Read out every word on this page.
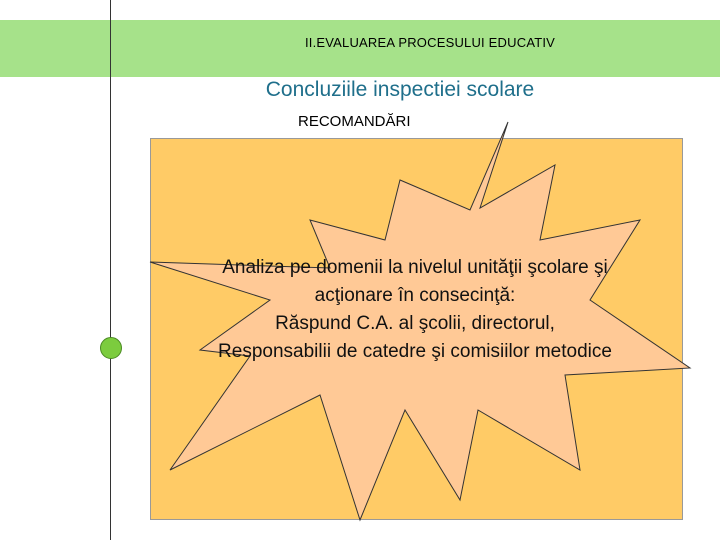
II.EVALUAREA PROCESULUI EDUCATIV
Concluziile inspectiei scolare
RECOMANDĂRI
Analiza pe domenii la nivelul unităţii şcolare şi
acţionare în consecinţă:
Răspund C.A. al şcolii, directorul,
Responsabilii de catedre şi comisiilor metodice
